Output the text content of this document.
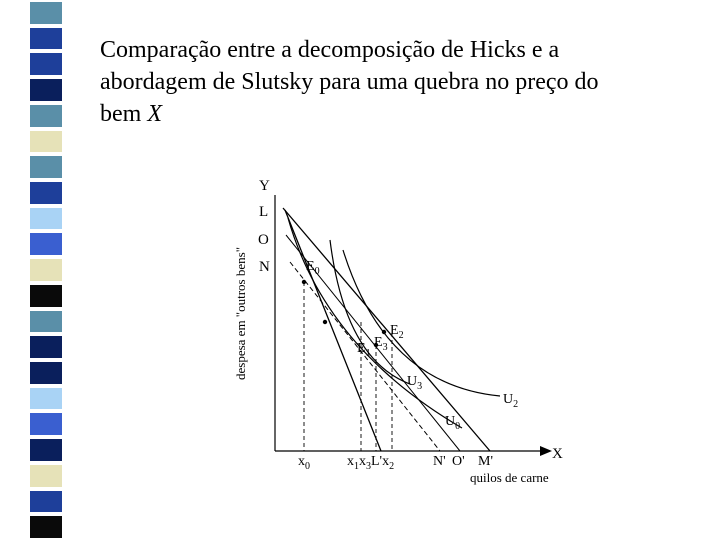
Comparação entre a decomposição de Hicks e a
abordagem de Slutsky para uma quebra no preço do
bem X
Y
X
despesa em "outros bens"
quilos de carne
L
O
N
$x_0$	$x_1x_3L'x_2$	N' O' M'
$E_0$
$E_1$
$E_3$
$E_2$
$U_3$
$U_2$
$U_0$
